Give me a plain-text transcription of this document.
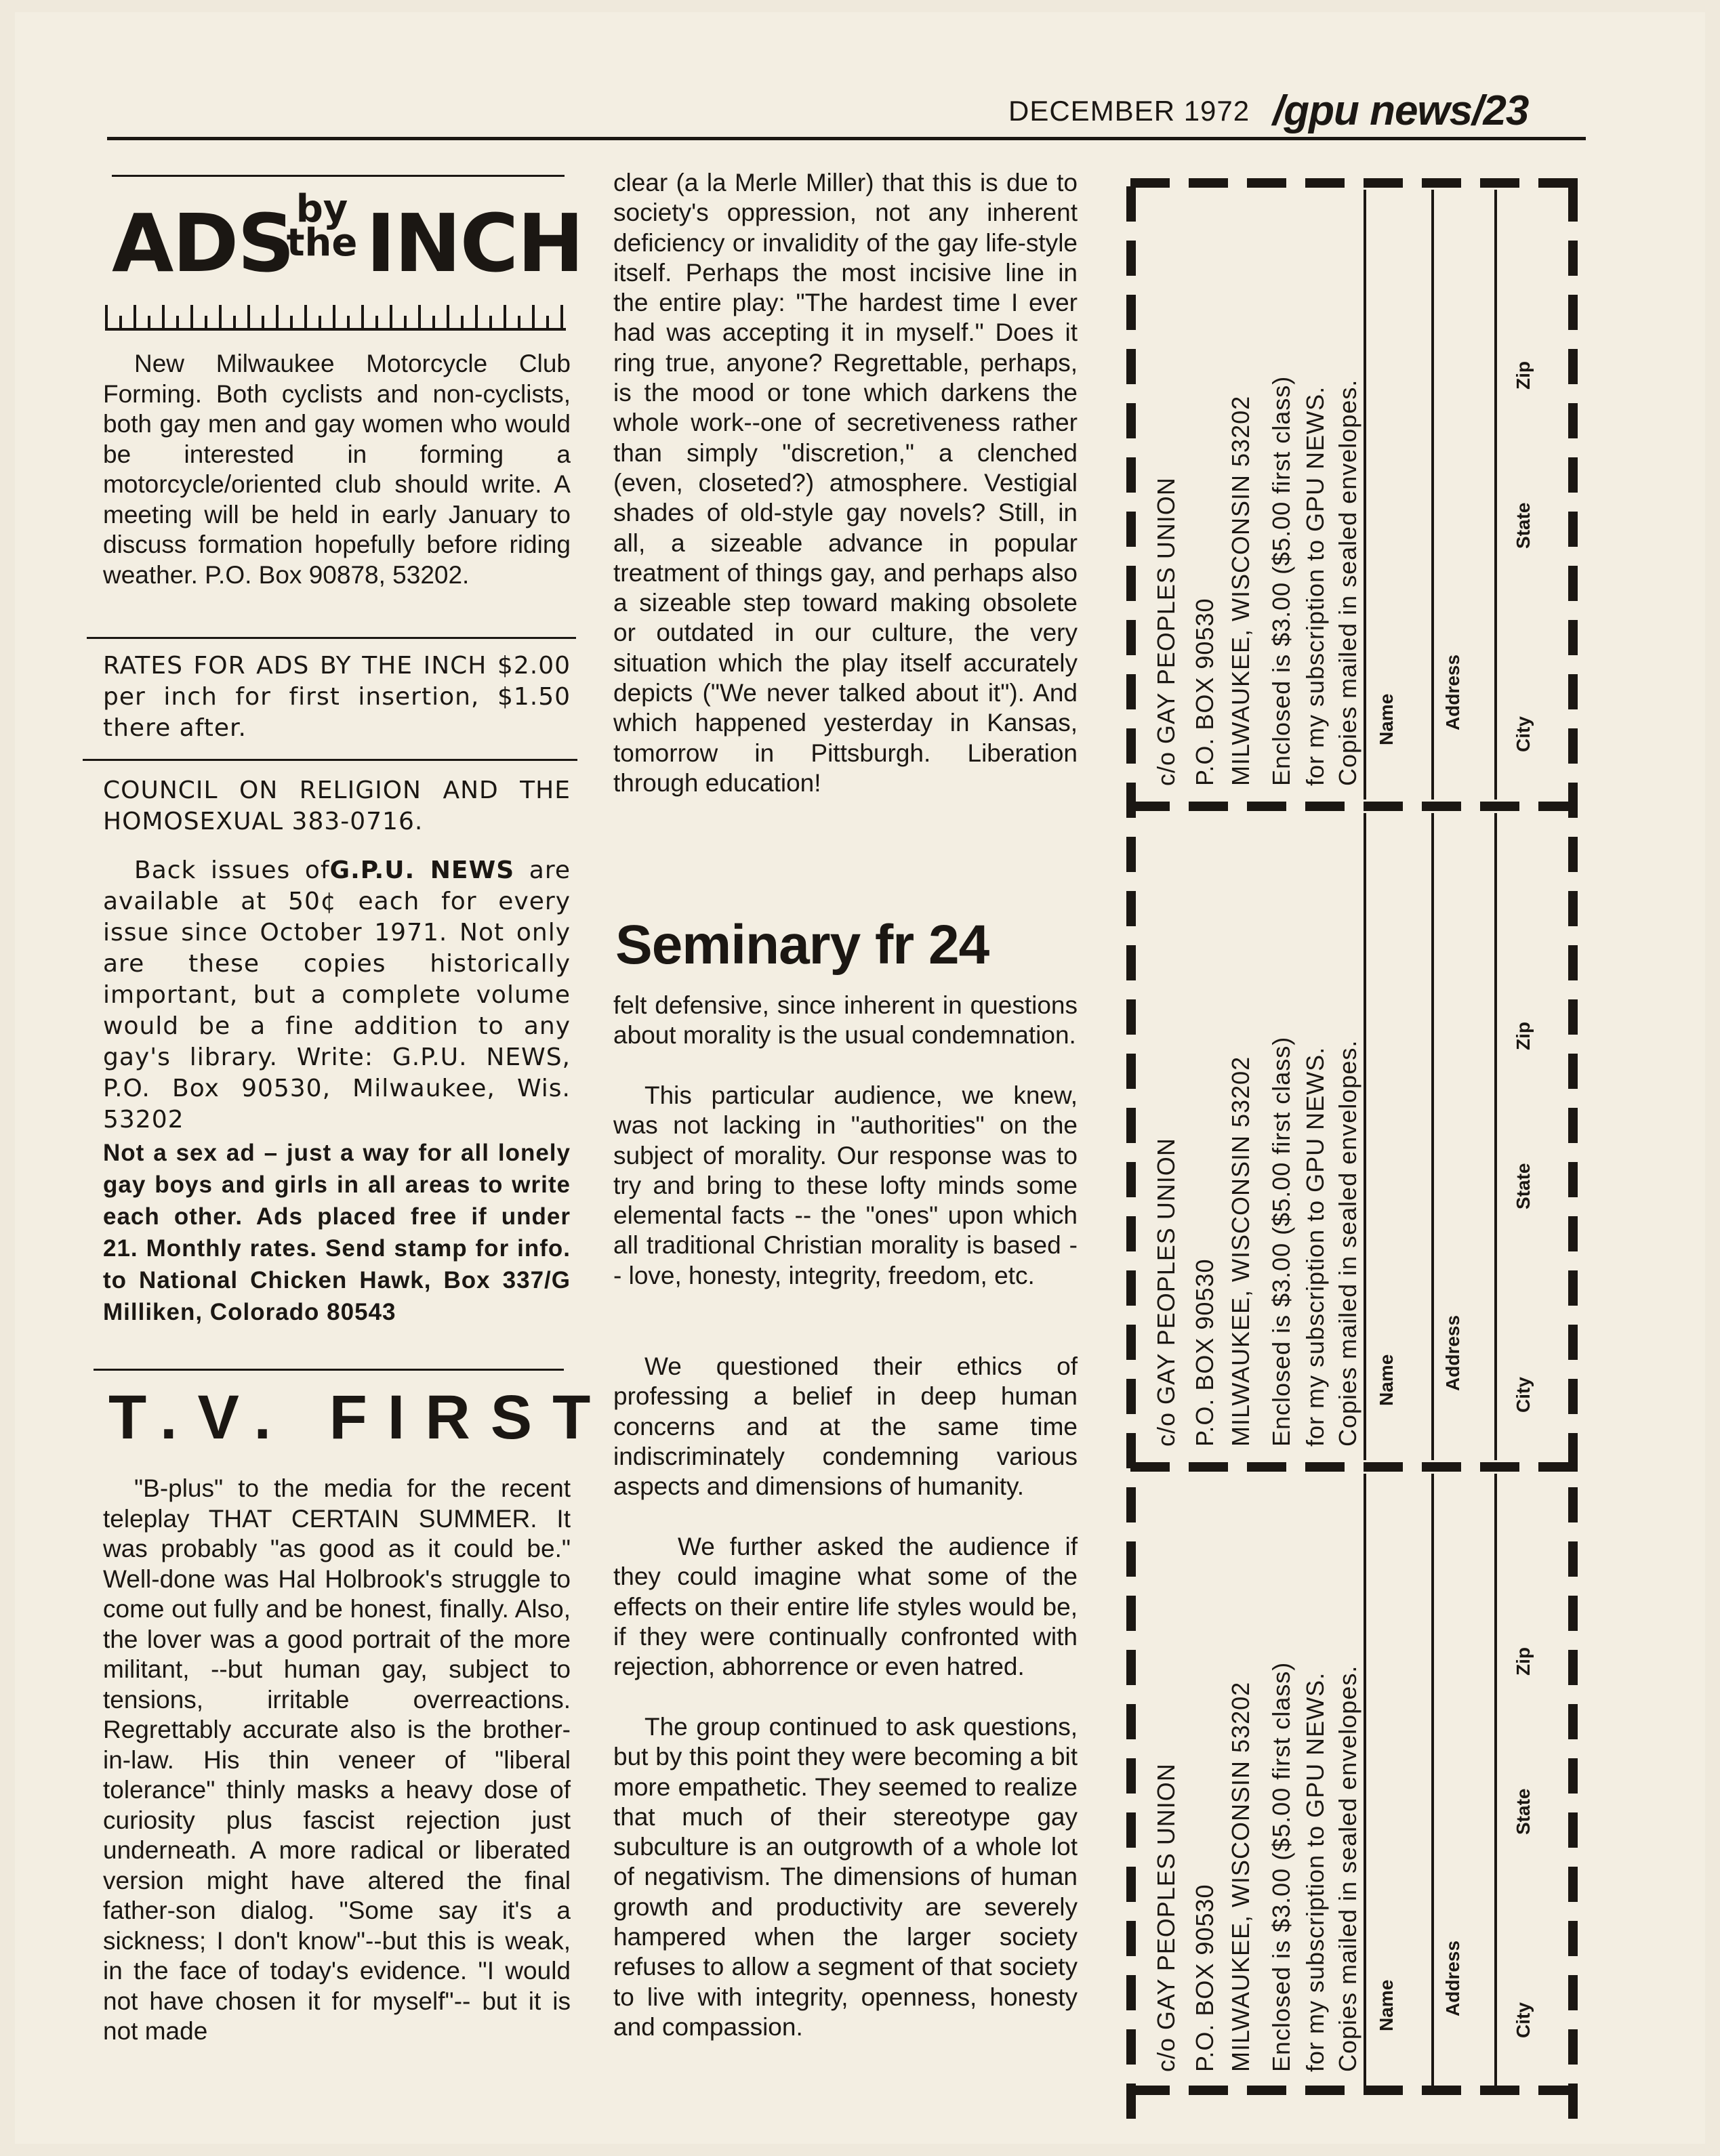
DECEMBER 1972 /gpu news/23
ADS by
the INCH

New Milwaukee Motorcycle Club Forming. Both cyclists and non-cyclists, both gay men and gay women who would be interested in forming a motorcycle/oriented club should write. A meeting will be held in early January to discuss formation hopefully before riding weather. P.O. Box 90878, 53202.

RATES FOR ADS BY THE INCH $2.00 per inch for first insertion, $1.50 there after.

COUNCIL ON RELIGION AND THE HOMOSEXUAL 383-0716.

Back issues ofG.P.U. NEWS are available at 50¢ each for every issue since October 1971. Not only are these copies historically important, but a complete volume would be a fine addition to any gay's library. Write: G.P.U. NEWS, P.O. Box 90530, Milwaukee, Wis. 53202

Not a sex ad – just a way for all lonely gay boys and girls in all areas to write each other. Ads placed free if under 21. Monthly rates. Send stamp for info. to National Chicken Hawk, Box 337/G Milliken, Colorado 80543

T.V. FIRST

"B-plus" to the media for the recent teleplay THAT CERTAIN SUMMER. It was probably "as good as it could be." Well-done was Hal Holbrook's struggle to come out fully and be honest, finally. Also, the lover was a good portrait of the more militant, --but human gay, subject to tensions, irritable overreactions. Regrettably accurate also is the brother-in-law. His thin veneer of "liberal tolerance" thinly masks a heavy dose of curiosity plus fascist rejection just underneath. A more radical or liberated version might have altered the final father-son dialog. "Some say it's a sickness; I don't know"--but this is weak, in the face of today's evidence. "I would not have chosen it for myself"-- but it is not made

clear (a la Merle Miller) that this is due to society's oppression, not any inherent deficiency or invalidity of the gay life-style itself. Perhaps the most incisive line in the entire play: "The hardest time I ever had was accepting it in myself." Does it ring true, anyone? Regrettable, perhaps, is the mood or tone which darkens the whole work--one of secretiveness rather than simply "discretion," a clenched (even, closeted?) atmosphere. Vestigial shades of old-style gay novels? Still, in all, a sizeable advance in popular treatment of things gay, and perhaps also a sizeable step toward making obsolete or outdated in our culture, the very situation which the play itself accurately depicts ("We never talked about it"). And which happened yesterday in Kansas, tomorrow in Pittsburgh. Liberation through education!

Seminary fr 24

felt defensive, since inherent in questions about morality is the usual condemnation.

This particular audience, we knew, was not lacking in "authorities" on the subject of morality. Our response was to try and bring to these lofty minds some elemental facts -- the "ones" upon which all traditional Christian morality is based -- love, honesty, integrity, freedom, etc.

We questioned their ethics of professing a belief in deep human concerns and at the same time indiscriminately condemning various aspects and dimensions of humanity.

We further asked the audience if they could imagine what some of the effects on their entire life styles would be, if they were continually confronted with rejection, abhorrence or even hatred.

The group continued to ask questions, but by this point they were becoming a bit more empathetic. They seemed to realize that much of their stereotype gay subculture is an outgrowth of a whole lot of negativism. The dimensions of human growth and productivity are severely hampered when the larger society refuses to allow a segment of that society to live with integrity, openness, honesty and compassion.

c/o GAY PEOPLES UNION P.O. BOX 90530 MILWAUKEE, WISCONSIN 53202 Enclosed is $3.00 ($5.00 first class) for my subscription to GPU NEWS. Copies mailed in sealed envelopes. Name Address
City
State
Zip
c/o GAY PEOPLES UNION P.O. BOX 90530 MILWAUKEE, WISCONSIN 53202 Enclosed is $3.00 ($5.00 first class) for my subscription to GPU NEWS. Copies mailed in sealed envelopes. Name Address
City
State
Zip
c/o GAY PEOPLES UNION P.O. BOX 90530 MILWAUKEE, WISCONSIN 53202 Enclosed is $3.00 ($5.00 first class) for my subscription to GPU NEWS. Copies mailed in sealed envelopes. Name Address
City
State
Zip
